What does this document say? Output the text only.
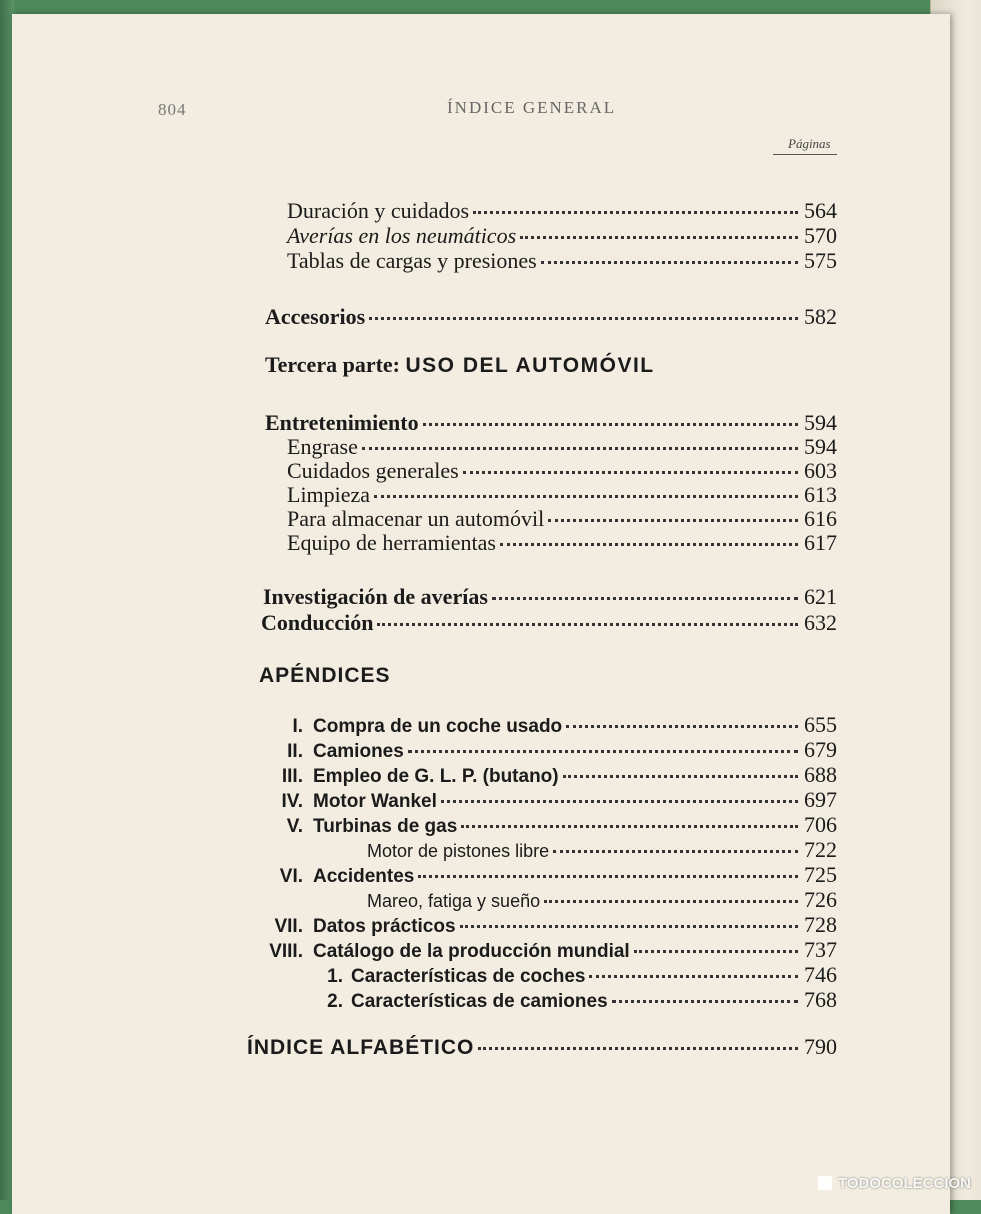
804	ÍNDICE GENERAL
Páginas
Duración y cuidados	564
Averías en los neumáticos	570
Tablas de cargas y presiones	575
Accesorios	582
Tercera parte: USO DEL AUTOMÓVIL
Entretenimiento	594
Engrase	594
Cuidados generales	603
Limpieza	613
Para almacenar un automóvil	616
Equipo de herramientas	617
Investigación de averías	621
Conducción	632
APÉNDICES
I. Compra de un coche usado	655
II. Camiones	679
III. Empleo de G. L. P. (butano)	688
IV. Motor Wankel	697
V. Turbinas de gas	706
Motor de pistones libre	722
VI. Accidentes	725
Mareo, fatiga y sueño	726
VII. Datos prácticos	728
VIII. Catálogo de la producción mundial	737
1. Características de coches	746
2. Características de camiones	768
ÍNDICE ALFABÉTICO	790
TODOCOLECCION
